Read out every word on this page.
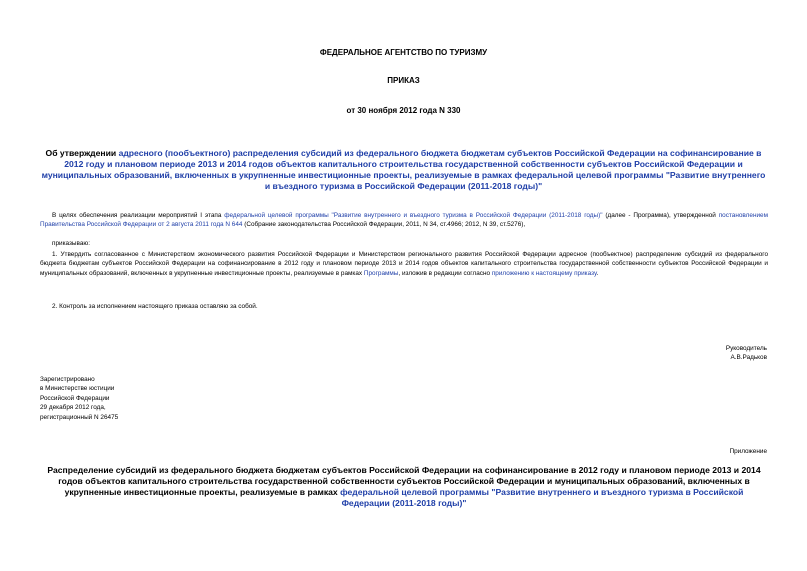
ФЕДЕРАЛЬНОЕ АГЕНТСТВО ПО ТУРИЗМУ
ПРИКАЗ
от 30 ноября 2012 года N 330
Об утверждении адресного (пообъектного) распределения субсидий из федерального бюджета бюджетам субъектов Российской Федерации на софинансирование в 2012 году и плановом периоде 2013 и 2014 годов объектов капитального строительства государственной собственности субъектов Российской Федерации и муниципальных образований, включенных в укрупненные инвестиционные проекты, реализуемые в рамках федеральной целевой программы "Развитие внутреннего и въездного туризма в Российской Федерации (2011-2018 годы)"
В целях обеспечения реализации мероприятий I этапа федеральной целевой программы "Развитие внутреннего и въездного туризма в Российской Федерации (2011-2018 годы)" (далее - Программа), утвержденной постановлением Правительства Российской Федерации от 2 августа 2011 года N 644 (Собрание законодательства Российской Федерации, 2011, N 34, ст.4966; 2012, N 39, ст.5276),
приказываю:
1. Утвердить согласованное с Министерством экономического развития Российской Федерации и Министерством регионального развития Российской Федерации адресное (пообъектное) распределение субсидий из федерального бюджета бюджетам субъектов Российской Федерации на софинансирование в 2012 году и плановом периоде 2013 и 2014 годов объектов капитального строительства государственной собственности субъектов Российской Федерации и муниципальных образований, включенных в укрупненные инвестиционные проекты, реализуемые в рамках Программы, изложив в редакции согласно приложению к настоящему приказу.
2. Контроль за исполнением настоящего приказа оставляю за собой.
Руководитель
А.В.Радьков
Зарегистрировано
в Министерстве юстиции
Российской Федерации
29 декабря 2012 года,
регистрационный N 26475
Приложение
Распределение субсидий из федерального бюджета бюджетам субъектов Российской Федерации на софинансирование в 2012 году и плановом периоде 2013 и 2014 годов объектов капитального строительства государственной собственности субъектов Российской Федерации и муниципальных образований, включенных в укрупненные инвестиционные проекты, реализуемые в рамках федеральной целевой программы "Развитие внутреннего и въездного туризма в Российской Федерации (2011-2018 годы)"
